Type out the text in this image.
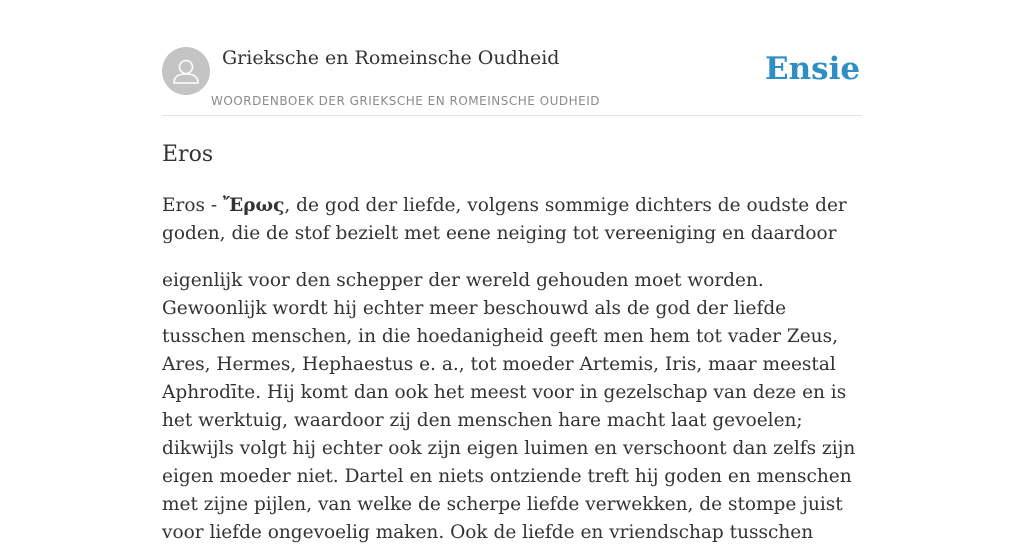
Grieksche en Romeinsche Oudheid	Ensie
WOORDENBOEK DER GRIEKSCHE EN ROMEINSCHE OUDHEID
Eros

Eros - Ἔρως, de god der liefde, volgens sommige dichters de oudste der goden, die de stof bezielt met eene neiging tot vereeniging en daardoor

eigenlijk voor den schepper der wereld gehouden moet worden. Gewoonlijk wordt hij echter meer beschouwd als de god der liefde tusschen menschen, in die hoedanigheid geeft men hem tot vader Zeus, Ares, Hermes, Hephaestus e. a., tot moeder Artemis, Iris, maar meestal Aphrodīte. Hij komt dan ook het meest voor in gezelschap van deze en is het werktuig, waardoor zij den menschen hare macht laat gevoelen; dikwijls volgt hij echter ook zijn eigen luimen en verschoont dan zelfs zijn eigen moeder niet. Dartel en niets ontziende treft hij goden en menschen met zijne pijlen, van welke de scherpe liefde verwekken, de stompe juist voor liefde ongevoelig maken. Ook de liefde en vriendschap tusschen
